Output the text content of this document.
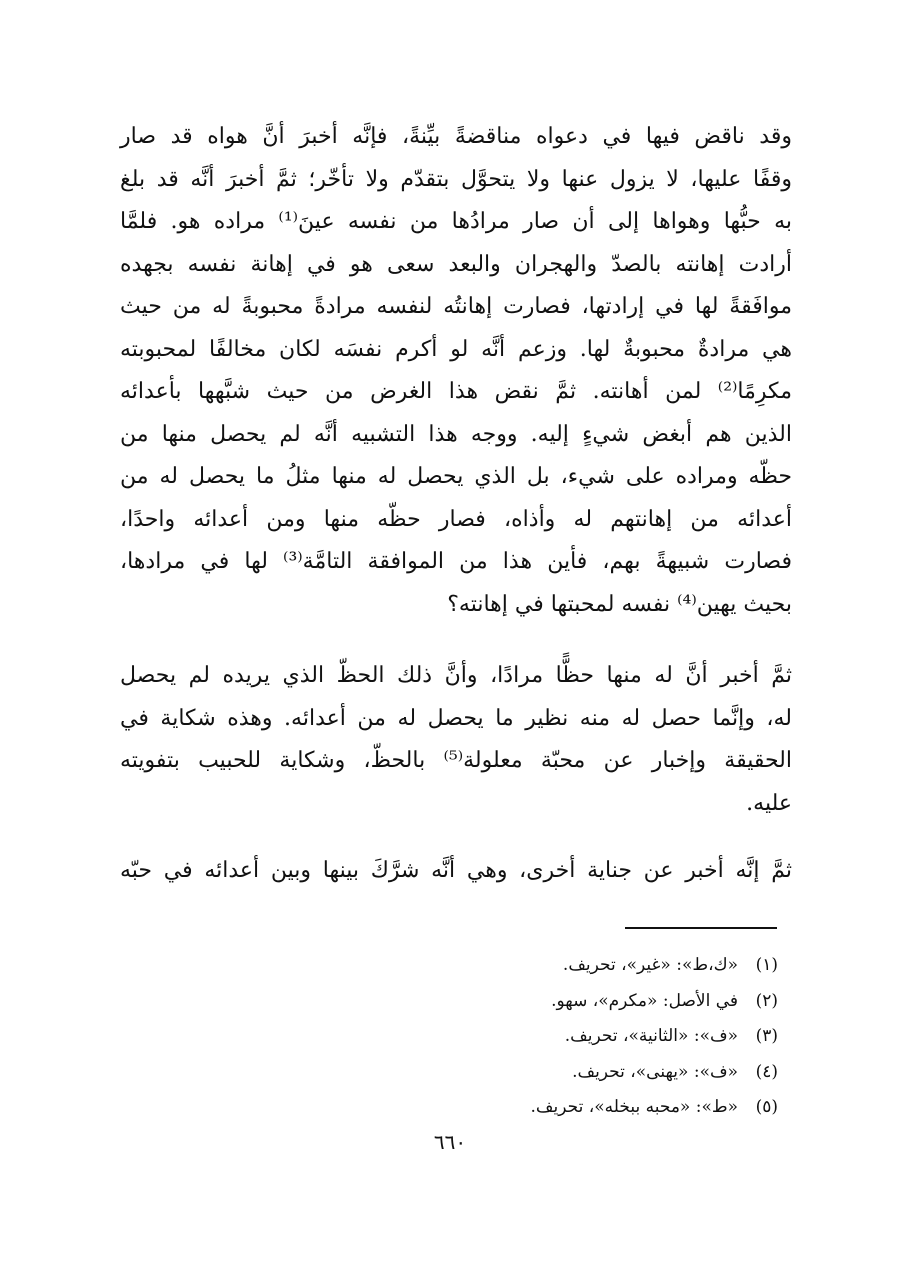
وقد ناقض فيها في دعواه مناقضةً بيِّنةً، فإنَّه أخبرَ أنَّ هواه قد صار
وقفًا عليها، لا يزول عنها ولا يتحوَّل بتقدّم ولا تأخّر؛ ثمَّ أخبرَ أنَّه قد بلغ
به حبُّها وهواها إلى أن صار مرادُها من نفسه عينَ⁽¹⁾ مراده هو. فلمَّا
أرادت إهانته بالصدّ والهجران والبعد سعى هو في إهانة نفسه بجهده
موافَقةً لها في إرادتها، فصارت إهانتُه لنفسه مرادةً محبوبةً له من حيث
هي مرادةٌ محبوبةٌ لها. وزعم أنَّه لو أكرم نفسَه لكان مخالفًا لمحبوبته
مكرِمًا⁽²⁾ لمن أهانته. ثمَّ نقض هذا الغرض من حيث شبَّهها بأعدائه
الذين هم أبغض شيءٍ إليه. ووجه هذا التشبيه أنَّه لم يحصل منها من
حظّه ومراده على شيء، بل الذي يحصل له منها مثلُ ما يحصل له من
أعدائه من إهانتهم له وأذاه، فصار حظّه منها ومن أعدائه واحدًا،
فصارت شبيهةً بهم، فأين هذا من الموافقة التامَّة⁽³⁾ لها في مرادها،
بحيث يهين⁽⁴⁾ نفسه لمحبتها في إهانته؟
ثمَّ أخبر أنَّ له منها حظًّا مرادًا، وأنَّ ذلك الحظّ الذي يريده لم يحصل
له، وإنَّما حصل له منه نظير ما يحصل له من أعدائه. وهذه شكاية في
الحقيقة وإخبار عن محبّة معلولة⁽⁵⁾ بالحظّ، وشكاية للحبيب بتفويته
عليه.
ثمَّ إنَّه أخبر عن جناية أخرى، وهي أنَّه شرَّكَ بينها وبين أعدائه في حبّه
(١)
«ك،ط»: «غير»، تحريف.
(٢)
في الأصل: «مكرم»، سهو.
(٣)
«ف»: «الثانية»، تحريف.
(٤)
«ف»: «يهنى»، تحريف.
(٥)
«ط»: «محبه ببخله»، تحريف.
٦٦٠
